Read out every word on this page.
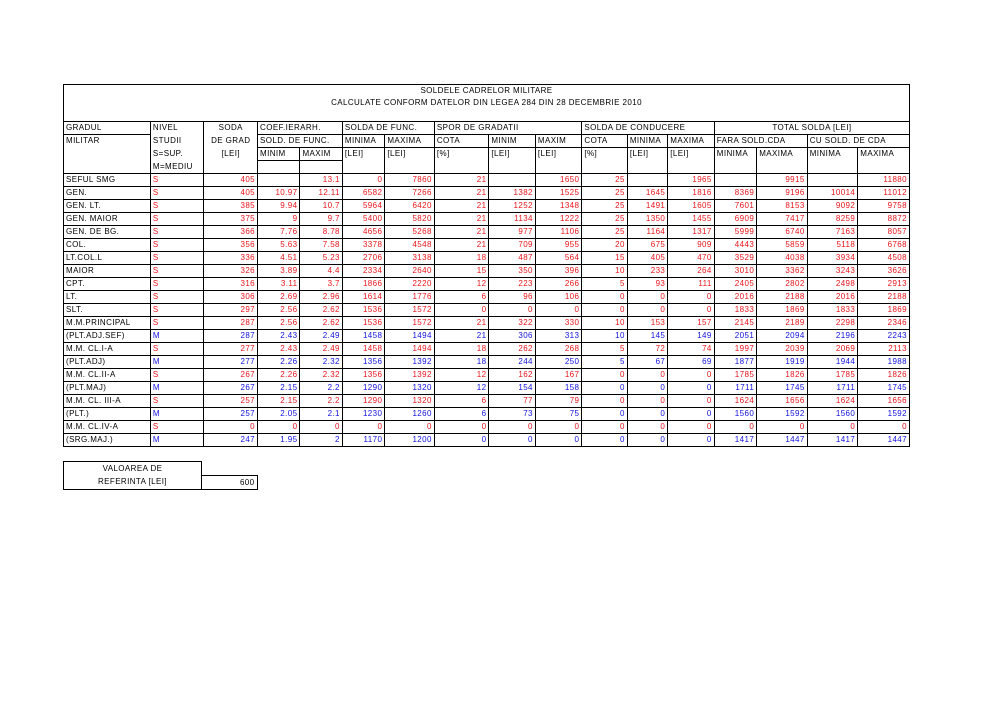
SOLDELE CADRELOR MILITARE																
CALCULATE CONFORM DATELOR DIN LEGEA 284 DIN 28 DECEMBRIE 2010																

GRADUL	NIVEL	SODA	COEF.IERARH.		SOLDA DE FUNC.		SPOR DE GRADATII			SOLDA DE CONDUCERE			TOTAL SOLDA [LEI]			
MILITAR	STUDII	DE GRAD	SOLD. DE FUNC.		MINIMA	MAXIMA	COTA	MINIM	MAXIM	COTA	MINIMA	MAXIMA	FARA SOLD.CDA		CU SOLD. DE CDA	
	S=SUP.	[LEI]	MINIM	MAXIM	[LEI]	[LEI]	[%]	[LEI]	[LEI]	[%]	[LEI]	[LEI]	MINIMA	MAXIMA	MINIMA	MAXIMA
	M=MEDIU															
SEFUL SMG	S	405		13.1	0	7860	21		1650	25		1965		9915		11880
GEN.	S	405	10.97	12.11	6582	7266	21	1382	1525	25	1645	1816	8369	9196	10014	11012
GEN. LT.	S	385	9.94	10.7	5964	6420	21	1252	1348	25	1491	1605	7601	8153	9092	9758
GEN. MAIOR	S	375	9	9.7	5400	5820	21	1134	1222	25	1350	1455	6909	7417	8259	8872
GEN. DE BG.	S	366	7.76	8.78	4656	5268	21	977	1106	25	1164	1317	5999	6740	7163	8057
COL.	S	356	5.63	7.58	3378	4548	21	709	955	20	675	909	4443	5859	5118	6768
LT.COL.L	S	336	4.51	5.23	2706	3138	18	487	564	15	405	470	3529	4038	3934	4508
MAIOR	S	326	3.89	4.4	2334	2640	15	350	396	10	233	264	3010	3362	3243	3626
CPT.	S	316	3.11	3.7	1866	2220	12	223	266	5	93	111	2405	2802	2498	2913
LT.	S	306	2.69	2.96	1614	1776	6	96	106	0	0	0	2016	2188	2016	2188
SLT.	S	297	2.56	2.62	1536	1572	0	0	0	0	0	0	1833	1869	1833	1869
M.M.PRINCIPAL	S	287	2.56	2.62	1536	1572	21	322	330	10	153	157	2145	2189	2298	2346
(PLT.ADJ.SEF)	M	287	2.43	2.49	1458	1494	21	306	313	10	145	149	2051	2094	2196	2243
M.M. CL.I-A	S	277	2.43	2.49	1458	1494	18	262	268	5	72	74	1997	2039	2069	2113
(PLT.ADJ)	M	277	2.26	2.32	1356	1392	18	244	250	5	67	69	1877	1919	1944	1988
M.M. CL.II-A	S	267	2.26	2.32	1356	1392	12	162	167	0	0	0	1785	1826	1785	1826
(PLT.MAJ)	M	267	2.15	2.2	1290	1320	12	154	158	0	0	0	1711	1745	1711	1745
M.M. CL. III-A	S	257	2.15	2.2	1290	1320	6	77	79	0	0	0	1624	1656	1624	1656
(PLT.)	M	257	2.05	2.1	1230	1260	6	73	75	0	0	0	1560	1592	1560	1592
M.M. CL.IV-A	S	0	0	0	0	0	0	0	0	0	0	0	0	0	0	0
(SRG.MAJ.)	M	247	1.95	2	1170	1200	0	0	0	0	0	0	1417	1447	1417	1447
VALOAREA DE	
REFERINTA [LEI]	600
